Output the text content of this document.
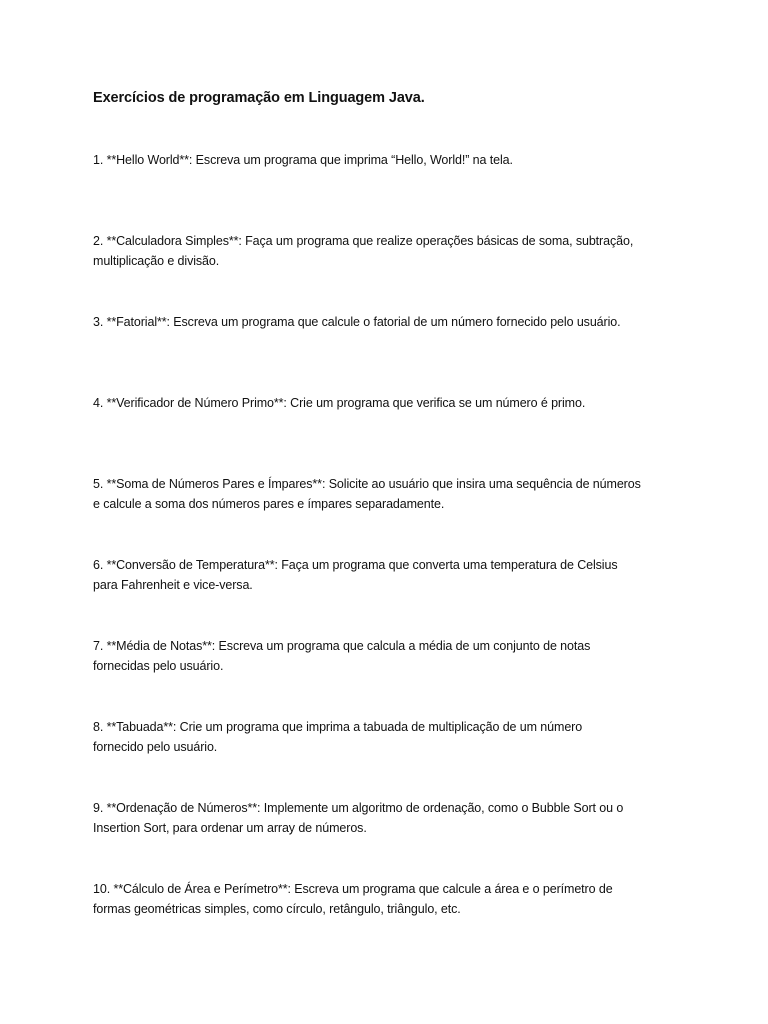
Exercícios de programação em Linguagem Java.
1. **Hello World**: Escreva um programa que imprima “Hello, World!” na tela.
2. **Calculadora Simples**: Faça um programa que realize operações básicas de soma, subtração,
multiplicação e divisão.
3. **Fatorial**: Escreva um programa que calcule o fatorial de um número fornecido pelo usuário.
4. **Verificador de Número Primo**: Crie um programa que verifica se um número é primo.
5. **Soma de Números Pares e Ímpares**: Solicite ao usuário que insira uma sequência de números
e calcule a soma dos números pares e ímpares separadamente.
6. **Conversão de Temperatura**: Faça um programa que converta uma temperatura de Celsius
para Fahrenheit e vice-versa.
7. **Média de Notas**: Escreva um programa que calcula a média de um conjunto de notas
fornecidas pelo usuário.
8. **Tabuada**: Crie um programa que imprima a tabuada de multiplicação de um número
fornecido pelo usuário.
9. **Ordenação de Números**: Implemente um algoritmo de ordenação, como o Bubble Sort ou o
Insertion Sort, para ordenar um array de números.
10. **Cálculo de Área e Perímetro**: Escreva um programa que calcule a área e o perímetro de
formas geométricas simples, como círculo, retângulo, triângulo, etc.
